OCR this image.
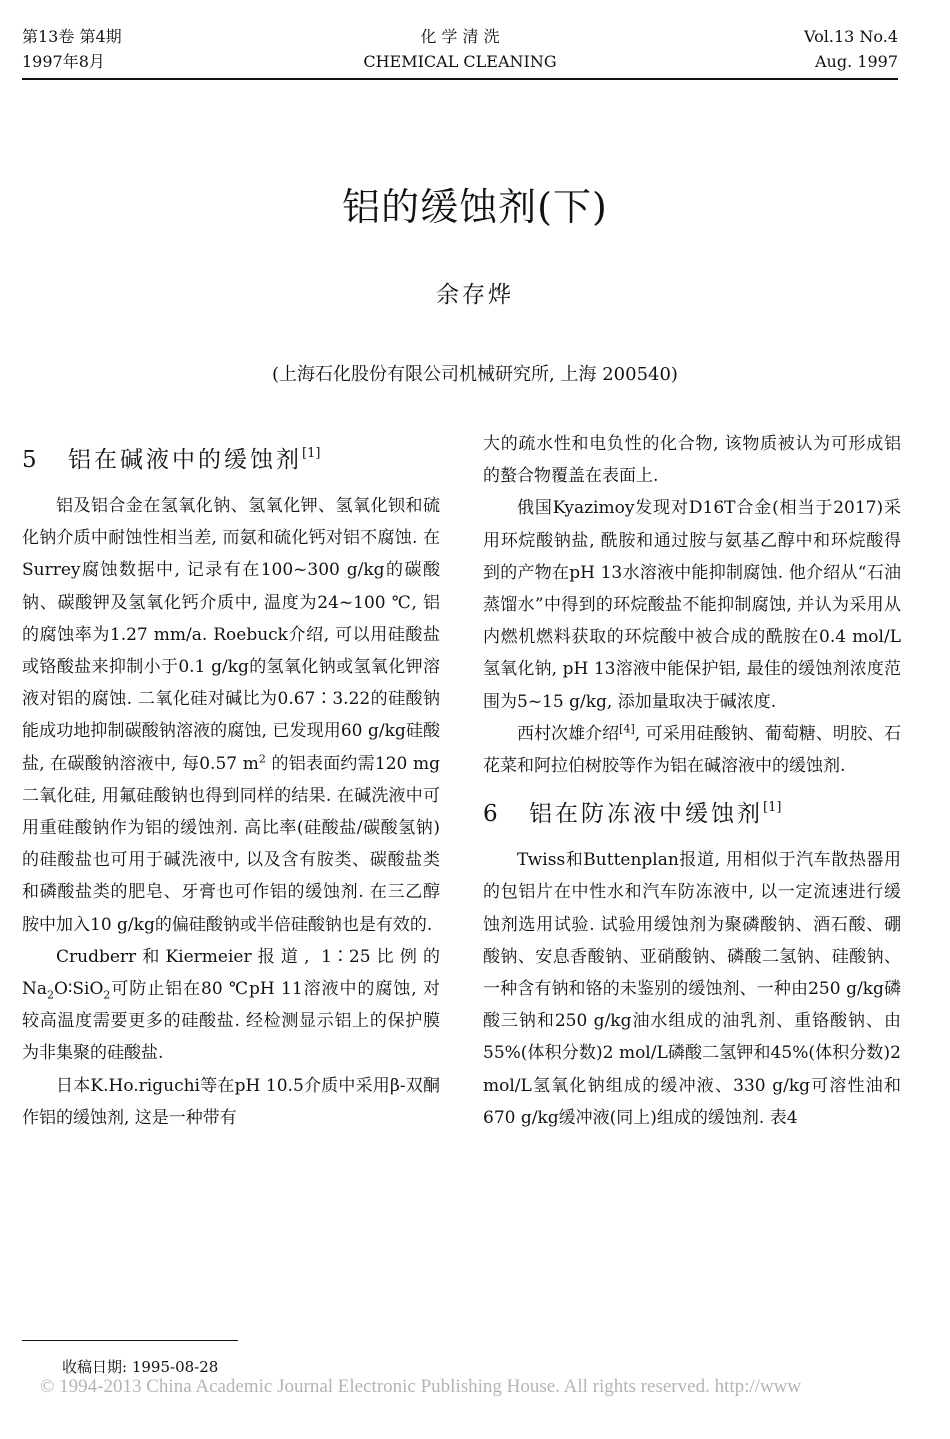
第13卷 第4期
1997年8月
化 学 清 洗
CHEMICAL CLEANING
Vol.13 No.4
Aug. 1997
铝的缓蚀剂(下)
余存烨
(上海石化股份有限公司机械研究所, 上海 200540)
5 铝在碱液中的缓蚀剂[1]

铝及铝合金在氢氧化钠、氢氧化钾、氢氧化钡和硫化钠介质中耐蚀性相当差, 而氨和硫化钙对铝不腐蚀. 在Surrey腐蚀数据中, 记录有在100~300 g/kg的碳酸钠、碳酸钾及氢氧化钙介质中, 温度为24~100 ℃, 铝的腐蚀率为1.27 mm/a. Roebuck介绍, 可以用硅酸盐或铬酸盐来抑制小于0.1 g/kg的氢氧化钠或氢氧化钾溶液对铝的腐蚀. 二氧化硅对碱比为0.67∶3.22的硅酸钠能成功地抑制碳酸钠溶液的腐蚀, 已发现用60 g/kg硅酸盐, 在碳酸钠溶液中, 每0.57 $m^2$ 的铝表面约需120 mg二氧化硅, 用氟硅酸钠也得到同样的结果. 在碱洗液中可用重硅酸钠作为铝的缓蚀剂. 高比率(硅酸盐/碳酸氢钠)的硅酸盐也可用于碱洗液中, 以及含有胺类、碳酸盐类和磷酸盐类的肥皂、牙膏也可作铝的缓蚀剂. 在三乙醇胺中加入10 g/kg的偏硅酸钠或半倍硅酸钠也是有效的.

Crudberr和Kiermeier报道, 1∶25比例的$Na_2O∶SiO_2$可防止铝在80 ℃pH 11溶液中的腐蚀, 对较高温度需要更多的硅酸盐. 经检测显示铝上的保护膜为非集聚的硅酸盐.

日本K.Ho.riguchi等在pH 10.5介质中采用β-双酮作铝的缓蚀剂, 这是一种带有

大的疏水性和电负性的化合物, 该物质被认为可形成铝的螯合物覆盖在表面上.

俄国Kyazimoy发现对D16T合金(相当于2017)采用环烷酸钠盐, 酰胺和通过胺与氨基乙醇中和环烷酸得到的产物在pH 13水溶液中能抑制腐蚀. 他介绍从“石油蒸馏水”中得到的环烷酸盐不能抑制腐蚀, 并认为采用从内燃机燃料获取的环烷酸中被合成的酰胺在0.4 mol/L氢氧化钠, pH 13溶液中能保护铝, 最佳的缓蚀剂浓度范围为5~15 g/kg, 添加量取决于碱浓度.

西村次雄介绍[4], 可采用硅酸钠、葡萄糖、明胶、石花菜和阿拉伯树胶等作为铝在碱溶液中的缓蚀剂.

6 铝在防冻液中缓蚀剂[1]

Twiss和Buttenplan报道, 用相似于汽车散热器用的包铝片在中性水和汽车防冻液中, 以一定流速进行缓蚀剂选用试验. 试验用缓蚀剂为聚磷酸钠、酒石酸、硼酸钠、安息香酸钠、亚硝酸钠、磷酸二氢钠、硅酸钠、一种含有钠和铬的未鉴别的缓蚀剂、一种由250 g/kg磷酸三钠和250 g/kg油水组成的油乳剂、重铬酸钠、由55%(体积分数)2 mol/L磷酸二氢钾和45%(体积分数)2 mol/L氢氧化钠组成的缓冲液、330 g/kg可溶性油和670 g/kg缓冲液(同上)组成的缓蚀剂. 表4

收稿日期: 1995-08-28
© 1994-2013 China Academic Journal Electronic Publishing House. All rights reserved. http://www
